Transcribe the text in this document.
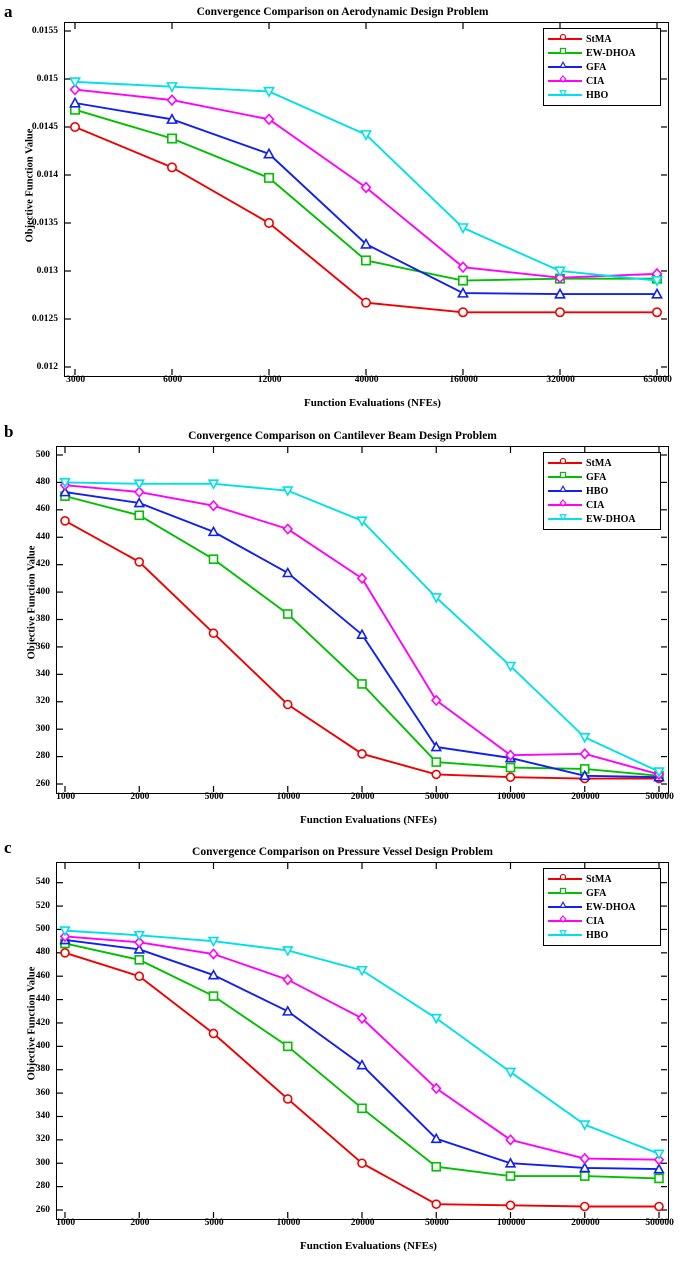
a	Convergence Comparison on Aerodynamic Design Problem
Objective Function Value
Function Evaluations (NFEs)
0.012
0.0125
0.013
0.0135
0.014
0.0145
0.015
0.0155
3000	6000	12000	40000	160000	320000	650000
StMA
EW-DHOA
GFA
CIA
HBO
b	Convergence Comparison on Cantilever Beam Design Problem
Objective Function Value
Function Evaluations (NFEs)
260
280
300
320
340
360
380
400
420
440
460
480
500
1000	2000	5000	10000	20000	50000	100000	200000	500000
StMA
GFA
HBO
CIA
EW-DHOA
c	Convergence Comparison on Pressure Vessel Design Problem
Objective Function Value
Function Evaluations (NFEs)
260
280
300
320
340
360
380
400
420
440
460
480
500
520
540
1000	2000	5000	10000	20000	50000	100000	200000	500000
StMA
GFA
EW-DHOA
CIA
HBO
